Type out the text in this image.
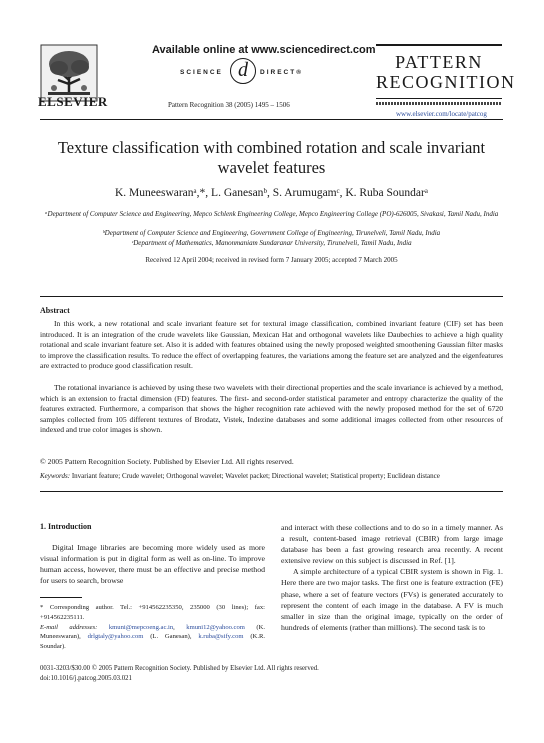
ELSEVIER
Available online at www.sciencedirect.com
SCIENCE d	DIRECT®
Pattern Recognition 38 (2005) 1495 – 1506
PATTERN
RECOGNITION
www.elsevier.com/locate/patcog
Texture classification with combined rotation and scale invariant wavelet features
K. Muneeswaranᵃ,*, L. Ganesanᵇ, S. Arumugamᶜ, K. Ruba Soundarᵃ
ᵃDepartment of Computer Science and Engineering, Mepco Schlenk Engineering College, Mepco Engineering College (PO)-626005, Sivakasi, Tamil Nadu, India
ᵇDepartment of Computer Science and Engineering, Government College of Engineering, Tirunelveli, Tamil Nadu, India
ᶜDepartment of Mathematics, Manonmaniam Sundaranar University, Tirunelveli, Tamil Nadu, India
Received 12 April 2004; received in revised form 7 January 2005; accepted 7 March 2005
Abstract
In this work, a new rotational and scale invariant feature set for textural image classification, combined invariant feature (CIF) set has been introduced. It is an integration of the crude wavelets like Gaussian, Mexican Hat and orthogonal wavelets like Daubechies to achieve a high quality rotational and scale invariant feature set. Also it is added with features obtained using the newly proposed weighted smoothening Gaussian filter masks to improve the classification results. To reduce the effect of overlapping features, the variations among the feature set are analyzed and the eigenfeatures are extracted to produce good classification result.
The rotational invariance is achieved by using these two wavelets with their directional properties and the scale invariance is achieved by a method, which is an extension to fractal dimension (FD) features. The first- and second-order statistical parameter and entropy characterize the quality of the features extracted. Furthermore, a comparison that shows the higher recognition rate achieved with the newly proposed method for the set of 6720 samples collected from 105 different textures of Brodatz, Vistek, Indezine databases and some additional images collected from other resources of indexed and true color images is shown.
© 2005 Pattern Recognition Society. Published by Elsevier Ltd. All rights reserved.
Keywords: Invariant feature; Crude wavelet; Orthogonal wavelet; Wavelet packet; Directional wavelet; Statistical property; Euclidean distance
1. Introduction
Digital Image libraries are becoming more widely used as more visual information is put in digital form as well as on-line. To improve human access, however, there must be an effective and precise method for users to search, browse
* Corresponding author. Tel.: +914562235350, 235000 (30 lines); fax: +914562235111.
E-mail addresses: kmuni@mepcoeng.ac.in, kmuni12@yahoo.com (K. Muneeswaran), drlgtaly@yahoo.com (L. Ganesan), k.ruba@sify.com (K.R. Soundar).

and interact with these collections and to do so in a timely manner. As a result, content-based image retrieval (CBIR) from large image database has been a fast growing research area recently. A recent extensive review on this subject is discussed in Ref. [1].

A simple architecture of a typical CBIR system is shown in Fig. 1. Here there are two major tasks. The first one is feature extraction (FE) phase, where a set of feature vectors (FVs) is generated accurately to represent the content of each image in the database. A FV is much smaller in size than the original image, typically on the order of hundreds of elements (rather than millions). The second task is to

0031-3203/$30.00 © 2005 Pattern Recognition Society. Published by Elsevier Ltd. All rights reserved.
doi:10.1016/j.patcog.2005.03.021
